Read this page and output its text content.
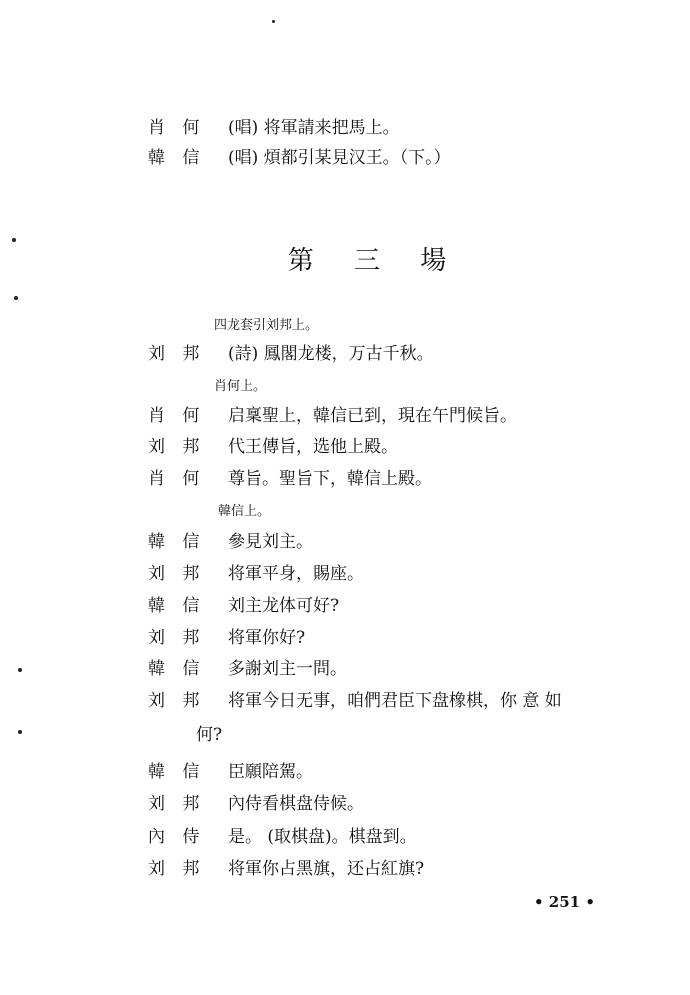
肖 何	(唱) 将軍請来把馬上。
韓 信	(唱) 煩都引某見汉王。（下。）
第 三 場
四龙套引刘邦上。
刘 邦	(詩) 鳳閣龙楼，万古千秋。
肖何上。
肖 何	启稟聖上，韓信已到，現在午門候旨。
刘 邦	代王傳旨，选他上殿。
肖 何	尊旨。聖旨下，韓信上殿。
韓信上。
韓 信	參見刘主。
刘 邦	将軍平身，賜座。
韓 信	刘主龙体可好?
刘 邦	将軍你好?
韓 信	多謝刘主一問。
刘 邦	将軍今日无事，咱們君臣下盘橡棋，你 意 如
何?
韓 信	臣願陪駕。
刘 邦	內侍看棋盘侍候。
內 侍	是。 (取棋盘)。棋盘到。
刘 邦	将軍你占黑旗，还占紅旗?
• 251 •
